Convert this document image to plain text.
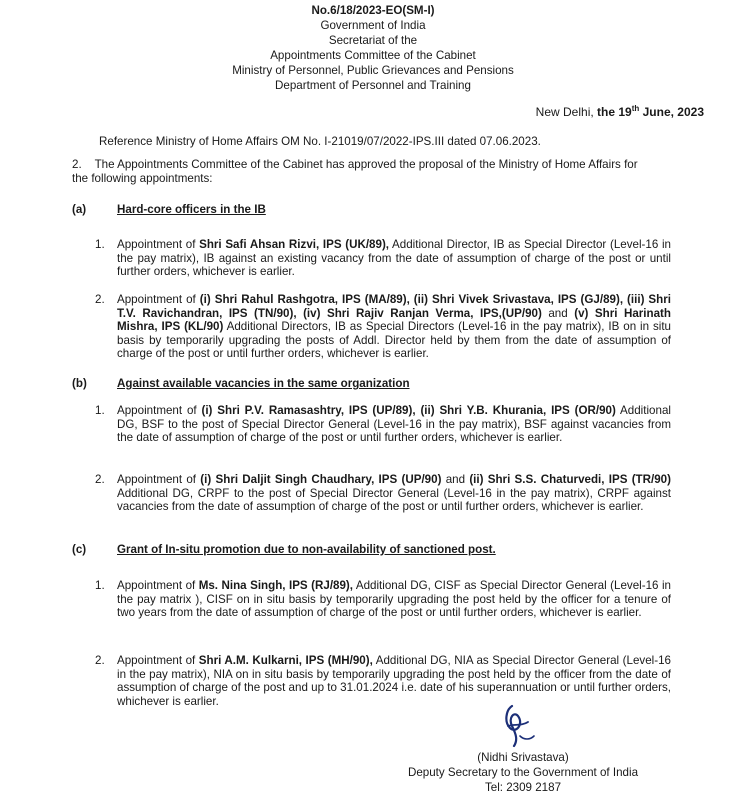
No.6/18/2023-EO(SM-I)
Government of India
Secretariat of the
Appointments Committee of the Cabinet
Ministry of Personnel, Public Grievances and Pensions
Department of Personnel and Training
New Delhi, the 19th June, 2023
Reference Ministry of Home Affairs OM No. I-21019/07/2022-IPS.III dated 07.06.2023.
2. The Appointments Committee of the Cabinet has approved the proposal of the Ministry of Home Affairs for
the following appointments:
(a)	Hard-core officers in the IB
1.	Appointment of Shri Safi Ahsan Rizvi, IPS (UK/89), Additional Director, IB as Special Director (Level-16 in the pay matrix), IB against an existing vacancy from the date of assumption of charge of the post or until further orders, whichever is earlier.
2.	Appointment of (i) Shri Rahul Rashgotra, IPS (MA/89), (ii) Shri Vivek Srivastava, IPS (GJ/89), (iii) Shri T.V. Ravichandran, IPS (TN/90), (iv) Shri Rajiv Ranjan Verma, IPS,(UP/90) and (v) Shri Harinath Mishra, IPS (KL/90) Additional Directors, IB as Special Directors (Level-16 in the pay matrix), IB on in situ basis by temporarily upgrading the posts of Addl. Director held by them from the date of assumption of charge of the post or until further orders, whichever is earlier.
(b)	Against available vacancies in the same organization
1.	Appointment of (i) Shri P.V. Ramasashtry, IPS (UP/89), (ii) Shri Y.B. Khurania, IPS (OR/90) Additional DG, BSF to the post of Special Director General (Level-16 in the pay matrix), BSF against vacancies from the date of assumption of charge of the post or until further orders, whichever is earlier.
2.	Appointment of (i) Shri Daljit Singh Chaudhary, IPS (UP/90) and (ii) Shri S.S. Chaturvedi, IPS (TR/90) Additional DG, CRPF to the post of Special Director General (Level-16 in the pay matrix), CRPF against vacancies from the date of assumption of charge of the post or until further orders, whichever is earlier.
(c)	Grant of In-situ promotion due to non-availability of sanctioned post.
1.	Appointment of Ms. Nina Singh, IPS (RJ/89), Additional DG, CISF as Special Director General (Level-16 in the pay matrix ), CISF on in situ basis by temporarily upgrading the post held by the officer for a tenure of two years from the date of assumption of charge of the post or until further orders, whichever is earlier.
2.	Appointment of Shri A.M. Kulkarni, IPS (MH/90), Additional DG, NIA as Special Director General (Level-16 in the pay matrix), NIA on in situ basis by temporarily upgrading the post held by the officer from the date of assumption of charge of the post and up to 31.01.2024 i.e. date of his superannuation or until further orders, whichever is earlier.
(Nidhi Srivastava)
Deputy Secretary to the Government of India
Tel: 2309 2187
